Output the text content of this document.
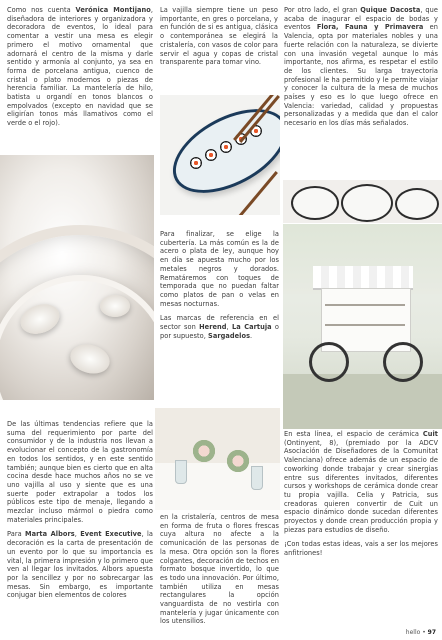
Como nos cuenta Verónica Montijano, diseñadora de interiores y organizadora y decoradora de eventos, lo ideal para comentar a vestir una mesa es elegir primero el motivo ornamental que adornará el centro de la misma y darle sentido y armonía al conjunto, ya sea en forma de porcelana antigua, cuenco de cristal o plato modernos o piezas de herencia familiar. La mantelería de hilo, batista u organdí en tonos blancos o empolvados (excepto en navidad que se eligirían tonos más llamativos como el verde o el rojo).

La vajilla siempre tiene un peso importante, en gres o porcelana, y en función de si es antigua, clásica o contemporánea se elegirá la cristalería, con vasos de color para servir el agua y copas de cristal transparente para tomar vino.

Por otro lado, el gran Quique Dacosta, que acaba de inagurar el espacio de bodas y eventos Flora, Fauna y Primavera en Valencia, opta por materiales nobles y una fuerte relación con la naturaleza, se divierte con una invasión vegetal aunque lo más importante, nos afirma, es respetar el estilo de los clientes. Su larga trayectoria profesional le ha permitido y le permite viajar y conocer la cultura de la mesa de muchos países y eso es lo que luego ofrece en Valencia: variedad, calidad y propuestas personalizadas y a medida que dan el calor necesario en los días más señalados.

Para finalizar, se elige la cubertería. La más común es la de acero o plata de ley, aunque hoy en día se apuesta mucho por los metales negros y dorados. Rematáremos con toques de temporada que no puedan faltar como platos de pan o velas en mesas nocturnas.

Las marcas de referencia en el sector son Herend, La Cartuja o por supuesto, Sargadelos.

De las últimas tendencias refiere que la suma del requerimiento por parte del consumidor y de la industria nos llevan a evolucionar el concepto de la gastronomía en todos los sentidos, y en este sentido también; aunque bien es cierto que en alta cocina desde hace muchos años no se ve uno vajilla al uso y siente que es una suerte poder extrapolar a todos los públicos este tipo de menaje, llegando a mezclar incluso mármol o piedra como materiales principales.

Para Marta Albors, Event Executive, la decoración es la carta de presentación de un evento por lo que su importancia es vital, la primera impresión y lo primero que ven al llegar los invitados. Albors apuesta por la sencillez y por no sobrecargar las mesas. Sin embargo, es importante conjugar bien elementos de colores

en la cristalería, centros de mesa en forma de fruta o flores frescas cuya altura no afecte a la comunicación de las personas de la mesa. Otra opción son la flores colgantes, decoración de techos en formato bosque invertido, lo que es todo una innovación. Por último, también utiliza en mesas rectangulares la opción vanguardista de no vestirla con mantelería y jugar únicamente con los utensilios.

En esta línea, el espacio de cerámica Cuit (Ontinyent, 8), (premiado por la ADCV Asociación de Diseñadores de la Comunitat Valenciana) ofrece además de un espacio de coworking donde trabajar y crear sinergias entre sus diferentes invitados, diferentes cursos y workshops de cerámica donde crear tu propia vajilla. Celia y Patricia, sus creadoras quieren convertir de Cuit un espacio dinámico donde sucedan diferentes proyectos y donde crean producción propia y piezas para estudios de diseño.

¡Con todas estas ideas, vais a ser los mejores anfitriones!

hello • 97
